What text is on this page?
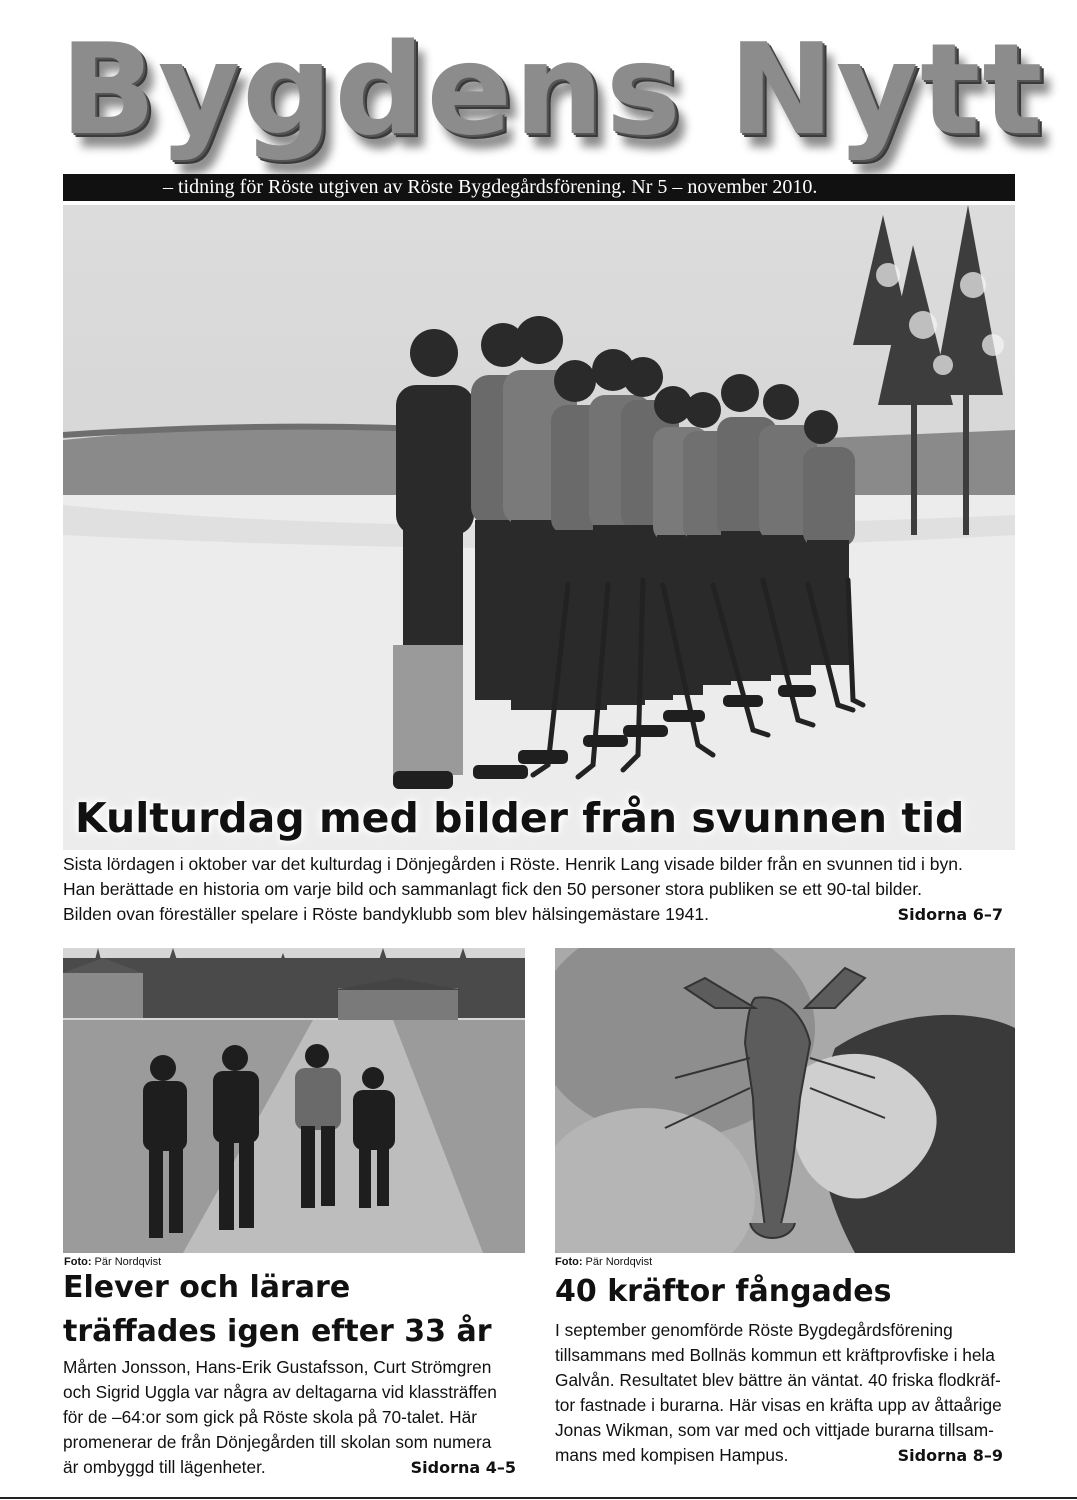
Bygdens Nytt
– tidning för Röste utgiven av Röste Bygdegårdsförening. Nr 5 – november 2010.
Kulturdag med bilder från svunnen tid

Sista lördagen i oktober var det kulturdag i Dönjegården i Röste. Henrik Lang visade bilder från en svunnen tid i byn.

Han berättade en historia om varje bild och sammanlagt fick den 50 personer stora publiken se ett 90-tal bilder.

Bilden ovan föreställer spelare i Röste bandyklubb som blev hälsingemästare 1941.	Sidorna 6–7
Foto: Pär Nordqvist	Foto: Pär Nordqvist
Elever och lärare
träffades igen efter 33 år
40 kräftor fångades

Mårten Jonsson, Hans-Erik Gustafsson, Curt Strömgren

och Sigrid Uggla var några av deltagarna vid klassträffen

för de –64:or som gick på Röste skola på 70-talet. Här

promenerar de från Dönjegården till skolan som numera

är ombyggd till lägenheter.	Sidorna 4–5

I september genomförde Röste Bygdegårdsförening

tillsammans med Bollnäs kommun ett kräftprovfiske i hela

Galvån. Resultatet blev bättre än väntat. 40 friska flodkräf-

tor fastnade i burarna. Här visas en kräfta upp av åttaårige

Jonas Wikman, som var med och vittjade burarna tillsam-

mans med kompisen Hampus.	Sidorna 8–9
